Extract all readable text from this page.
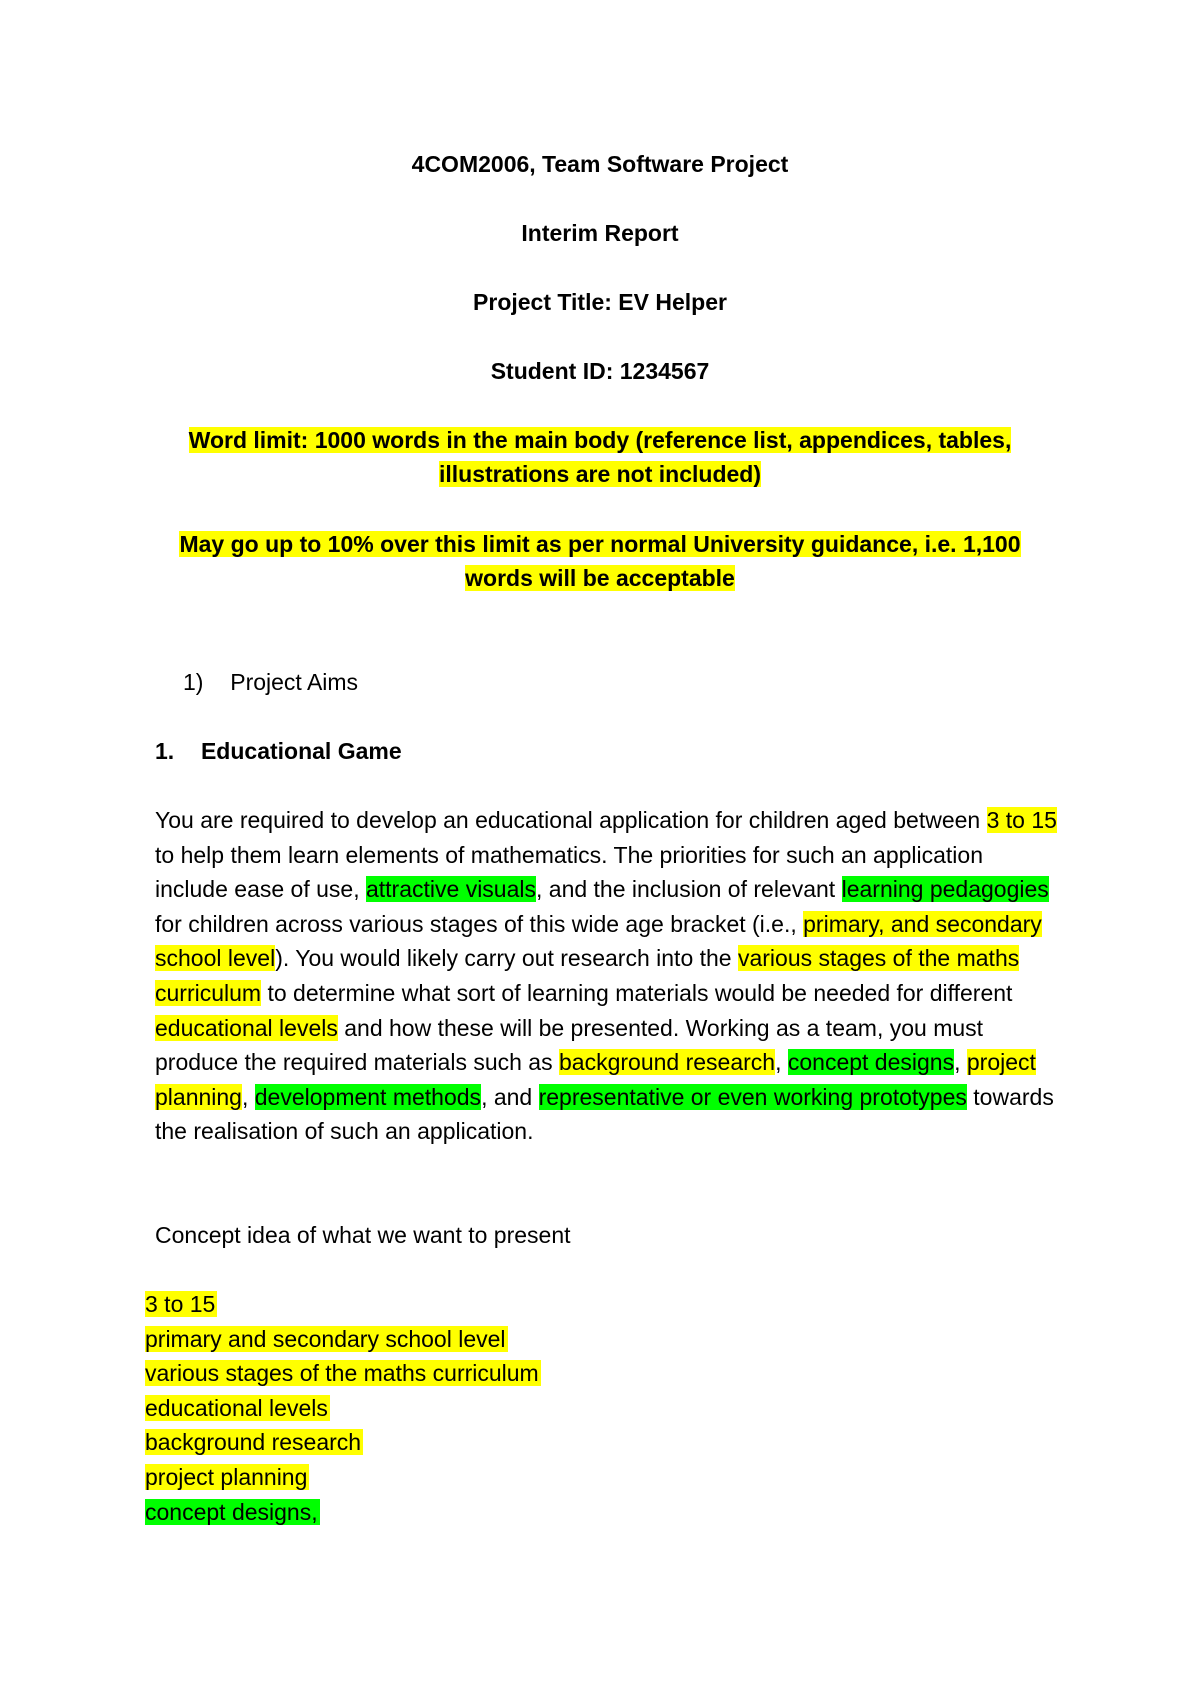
4COM2006, Team Software Project
Interim Report
Project Title: EV Helper
Student ID: 1234567
Word limit: 1000 words in the main body (reference list, appendices, tables, illustrations are not included)
May go up to 10% over this limit as per normal University guidance, i.e. 1,100 words will be acceptable
1) Project Aims
1. Educational Game
You are required to develop an educational application for children aged between 3 to 15 to help them learn elements of mathematics. The priorities for such an application include ease of use, attractive visuals, and the inclusion of relevant learning pedagogies for children across various stages of this wide age bracket (i.e., primary, and secondary school level). You would likely carry out research into the various stages of the maths curriculum to determine what sort of learning materials would be needed for different educational levels and how these will be presented. Working as a team, you must produce the required materials such as background research, concept designs, project planning, development methods, and representative or even working prototypes towards the realisation of such an application.
Concept idea of what we want to present
3 to 15
primary and secondary school level
various stages of the maths curriculum
educational levels
background research
project planning
concept designs,
